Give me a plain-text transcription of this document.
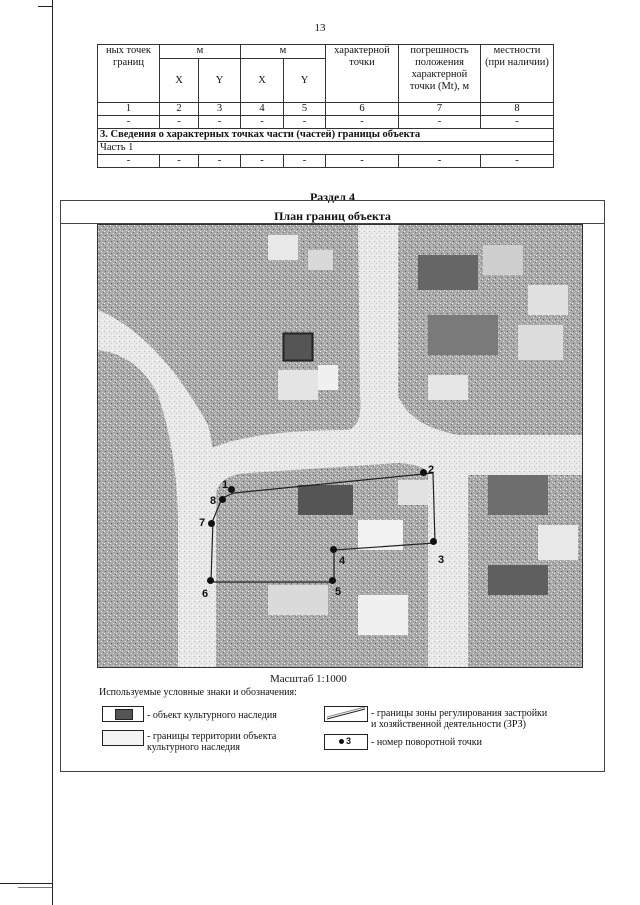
13
ных точек границ	м		м		характерной точки	погрешность положения характерной точки (Mt), м	местности (при наличии)
	X	Y	X	Y			
1	2	3	4	5	6	7	8
-	-	-	-	-	-	-	-
3. Сведения о характерных точках части (частей) границы объекта							
Часть 1							
-	-	-	-	-	-	-	-
Раздел 4
План границ объекта
1
2
3
4
5
6
7
8
Масштаб 1:1000
Используемые условные знаки и обозначения:
- объект культурного наследия
- границы территории объекта
культурного наследия
- границы зоны регулирования застройки
и хозяйственной деятельности (ЗРЗ)
3 - номер поворотной точки
